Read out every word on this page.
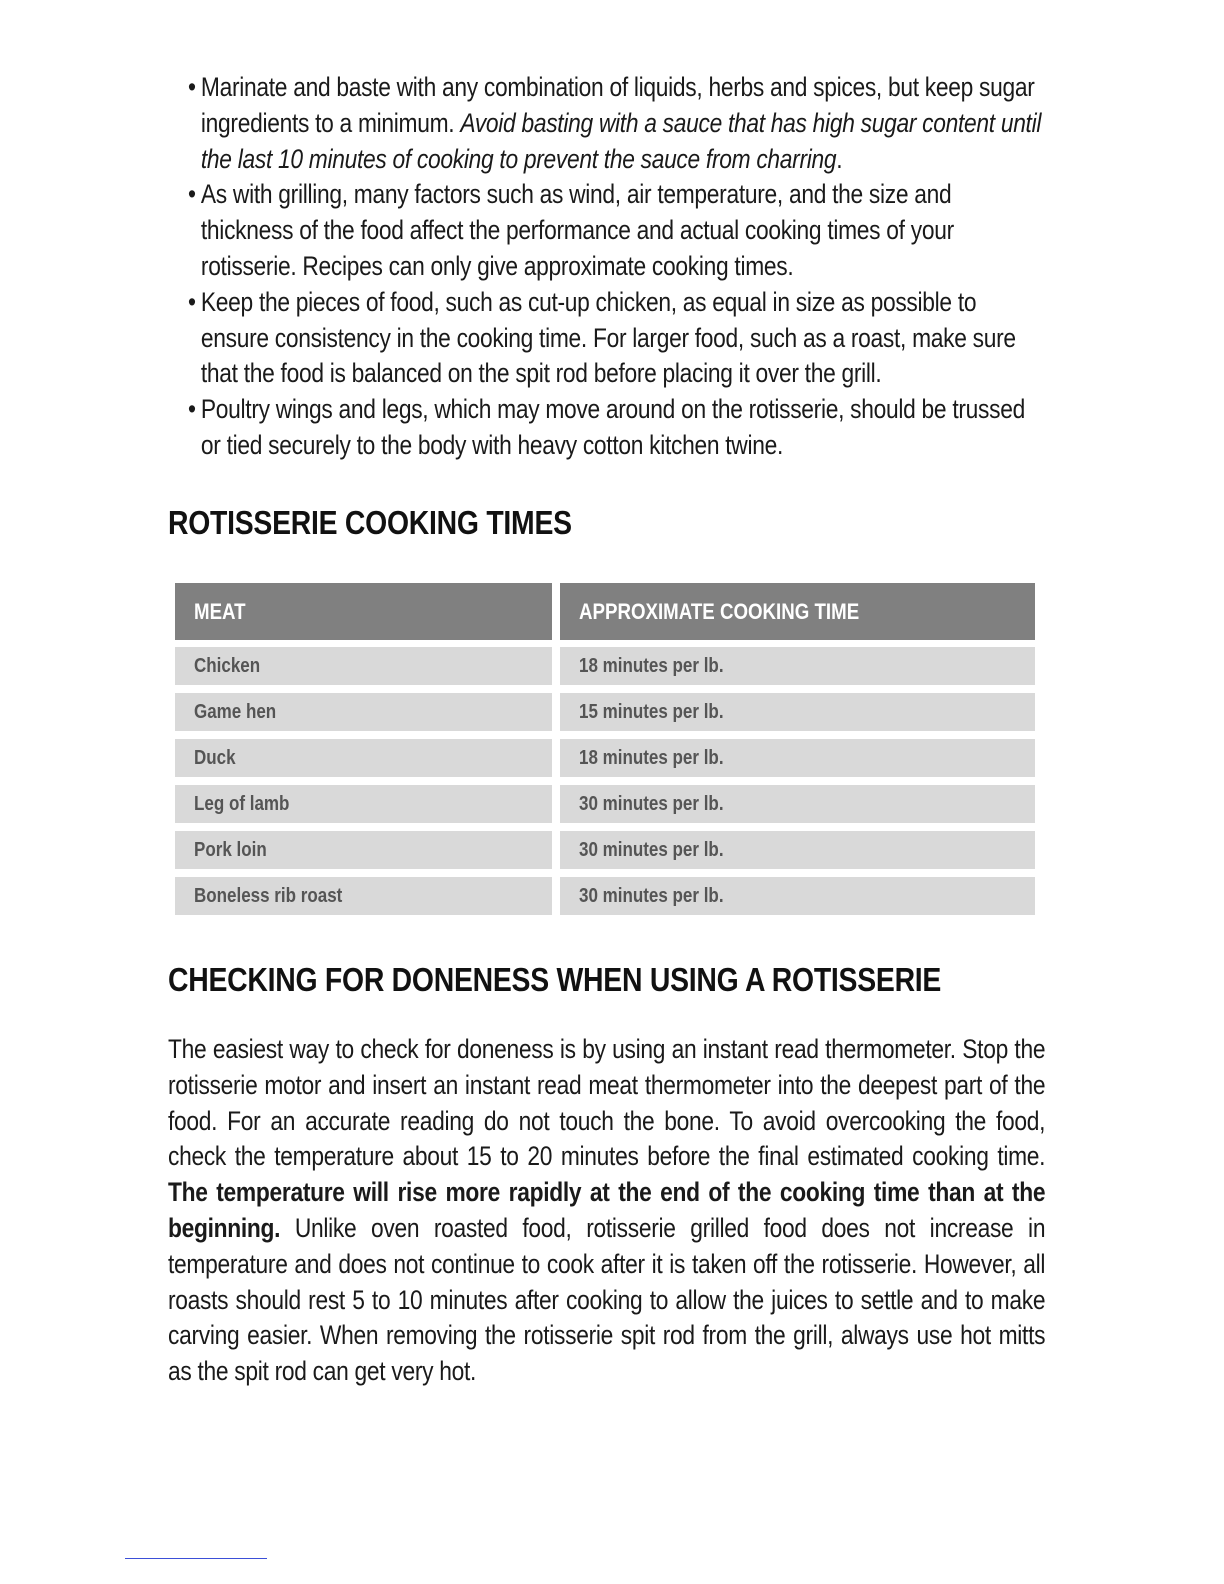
• Marinate and baste with any combination of liquids, herbs and spices, but keep sugar ingredients to a minimum. Avoid basting with a sauce that has high sugar content until the last 10 minutes of cooking to prevent the sauce from charring.
• As with grilling, many factors such as wind, air temperature, and the size and thickness of the food affect the performance and actual cooking times of your rotisserie. Recipes can only give approximate cooking times.
• Keep the pieces of food, such as cut-up chicken, as equal in size as possible to ensure consistency in the cooking time. For larger food, such as a roast, make sure that the food is balanced on the spit rod before placing it over the grill.
• Poultry wings and legs, which may move around on the rotisserie, should be trussed or tied securely to the body with heavy cotton kitchen twine.
ROTISSERIE COOKING TIMES
MEAT	APPROXIMATE COOKING TIME
Chicken	18 minutes per lb.
Game hen	15 minutes per lb.
Duck	18 minutes per lb.
Leg of lamb	30 minutes per lb.
Pork loin	30 minutes per lb.
Boneless rib roast	30 minutes per lb.
CHECKING FOR DONENESS WHEN USING A ROTISSERIE

The easiest way to check for doneness is by using an instant read thermometer. Stop the rotisserie motor and insert an instant read meat thermometer into the deepest part of the food. For an accurate reading do not touch the bone. To avoid overcooking the food, check the temperature about 15 to 20 minutes before the final estimated cooking time. The temperature will rise more rapidly at the end of the cooking time than at the beginning. Unlike oven roasted food, rotisserie grilled food does not increase in temperature and does not continue to cook after it is taken off the rotisserie. However, all roasts should rest 5 to 10 minutes after cooking to allow the juices to settle and to make carving easier. When removing the rotisserie spit rod from the grill, always use hot mitts as the spit rod can get very hot.
